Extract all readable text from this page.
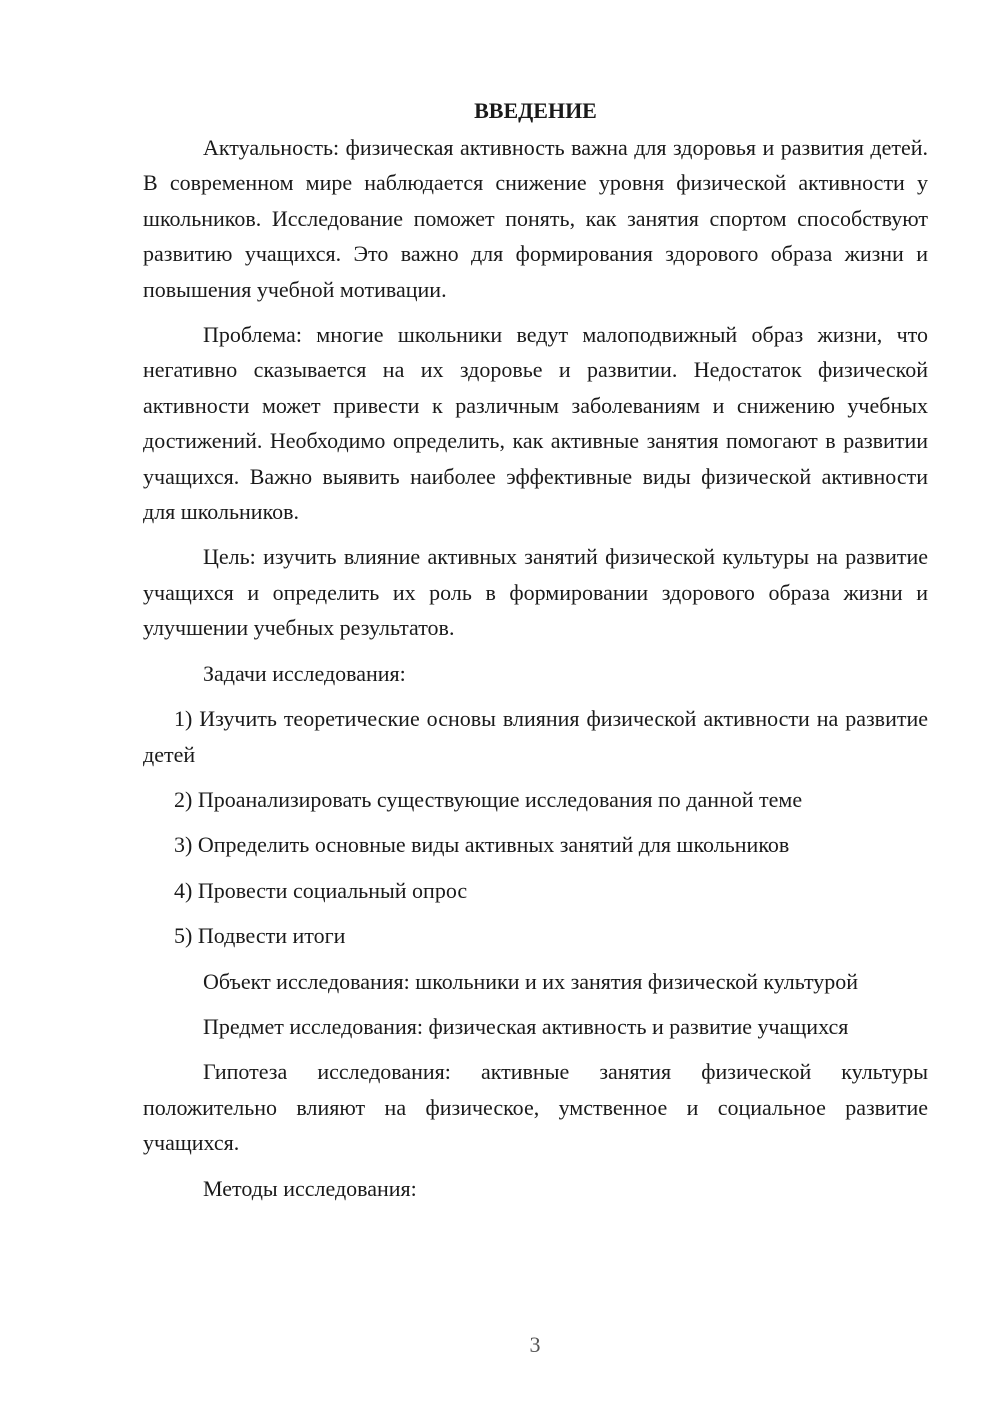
ВВЕДЕНИЕ

Актуальность: физическая активность важна для здоровья и развития детей. В современном мире наблюдается снижение уровня физической активности у школьников. Исследование поможет понять, как занятия спортом способствуют развитию учащихся. Это важно для формирования здорового образа жизни и повышения учебной мотивации.

Проблема: многие школьники ведут малоподвижный образ жизни, что негативно сказывается на их здоровье и развитии. Недостаток физической активности может привести к различным заболеваниям и снижению учебных достижений. Необходимо определить, как активные занятия помогают в развитии учащихся. Важно выявить наиболее эффективные виды физической активности для школьников.

Цель: изучить влияние активных занятий физической культуры на развитие учащихся и определить их роль в формировании здорового образа жизни и улучшении учебных результатов.

Задачи исследования:

1) Изучить теоретические основы влияния физической активности на развитие детей

2) Проанализировать существующие исследования по данной теме

3) Определить основные виды активных занятий для школьников

4) Провести социальный опрос

5) Подвести итоги

Объект исследования: школьники и их занятия физической культурой

Предмет исследования: физическая активность и развитие учащихся

Гипотеза исследования: активные занятия физической культуры положительно влияют на физическое, умственное и социальное развитие учащихся.

Методы исследования:

3
